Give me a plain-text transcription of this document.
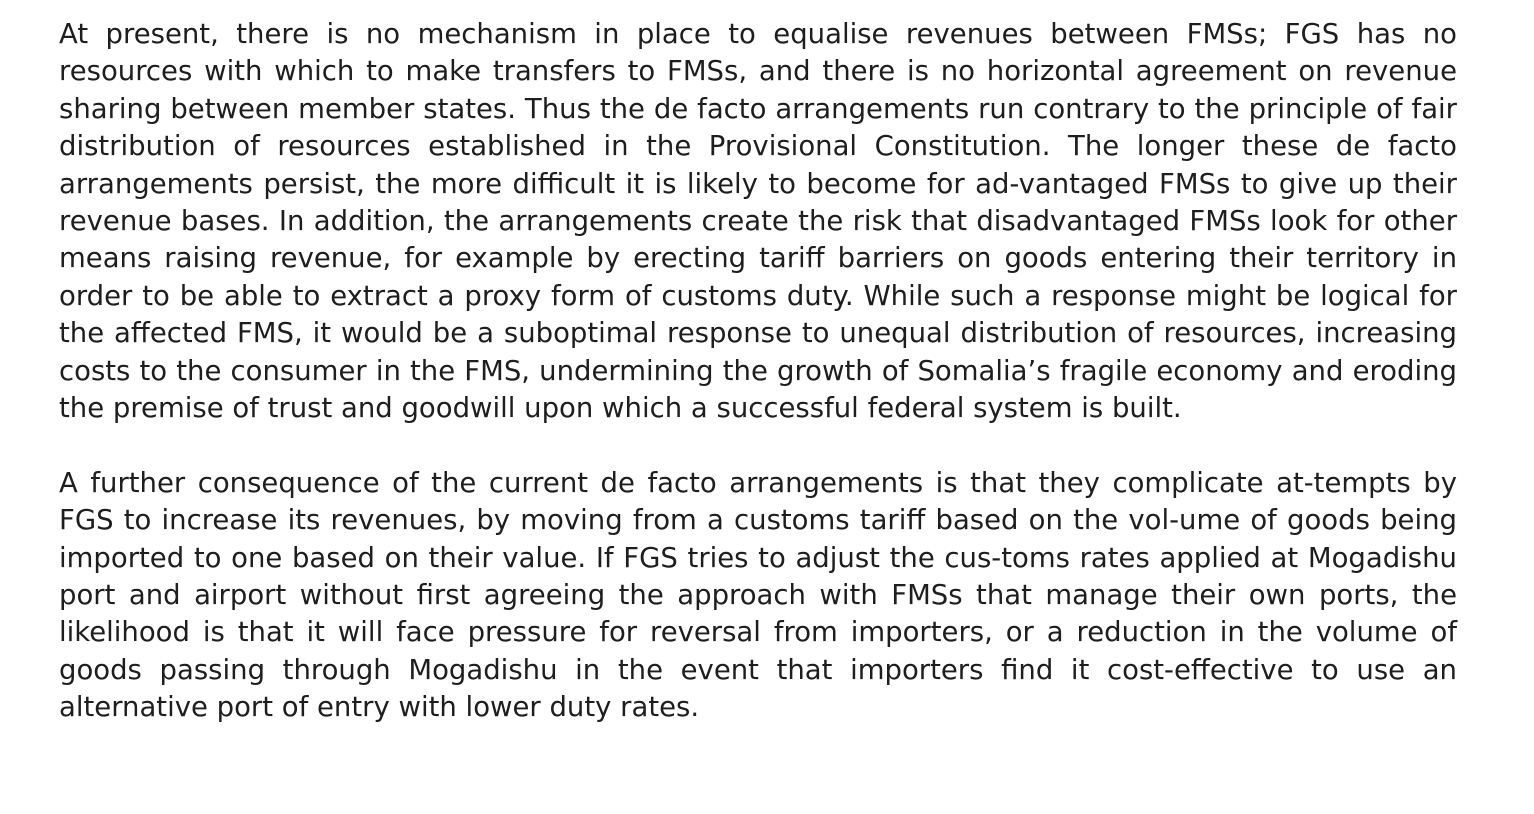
At present, there is no mechanism in place to equalise revenues between FMSs; FGS has no resources with which to make transfers to FMSs, and there is no horizontal agreement on revenue sharing between member states. Thus the de facto arrangements run contrary to the principle of fair distribution of resources established in the Provisional Constitution. The longer these de facto arrangements persist, the more difficult it is likely to become for ad-vantaged FMSs to give up their revenue bases. In addition, the arrangements create the risk that disadvantaged FMSs look for other means raising revenue, for example by erecting tariff barriers on goods entering their territory in order to be able to extract a proxy form of customs duty. While such a response might be logical for the affected FMS, it would be a suboptimal response to unequal distribution of resources, increasing costs to the consumer in the FMS, undermining the growth of Somalia’s fragile economy and eroding the premise of trust and goodwill upon which a successful federal system is built.

A further consequence of the current de facto arrangements is that they complicate at-tempts by FGS to increase its revenues, by moving from a customs tariff based on the vol-ume of goods being imported to one based on their value. If FGS tries to adjust the cus-toms rates applied at Mogadishu port and airport without first agreeing the approach with FMSs that manage their own ports, the likelihood is that it will face pressure for reversal from importers, or a reduction in the volume of goods passing through Mogadishu in the event that importers find it cost-effective to use an alternative port of entry with lower duty rates.
